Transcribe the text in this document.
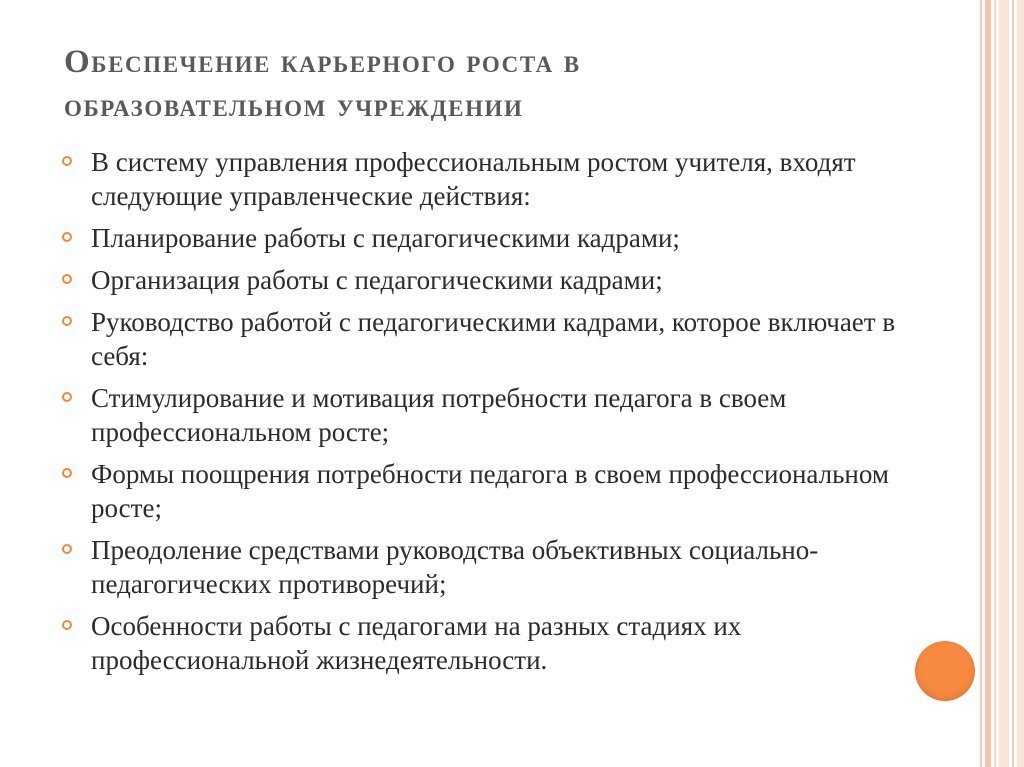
Обеспечение карьерного роста в
образовательном учреждении
В систему управления профессиональным ростом учителя, входят следующие управленческие действия:
Планирование работы с педагогическими кадрами;
Организация работы с педагогическими кадрами;
Руководство работой с педагогическими кадрами, которое включает в себя:
Стимулирование и мотивация потребности педагога в своем профессиональном росте;
Формы поощрения потребности педагога в своем профессиональном росте;
Преодоление средствами руководства объективных социально-педагогических противоречий;
Особенности работы с педагогами на разных стадиях их профессиональной жизнедеятельности.
